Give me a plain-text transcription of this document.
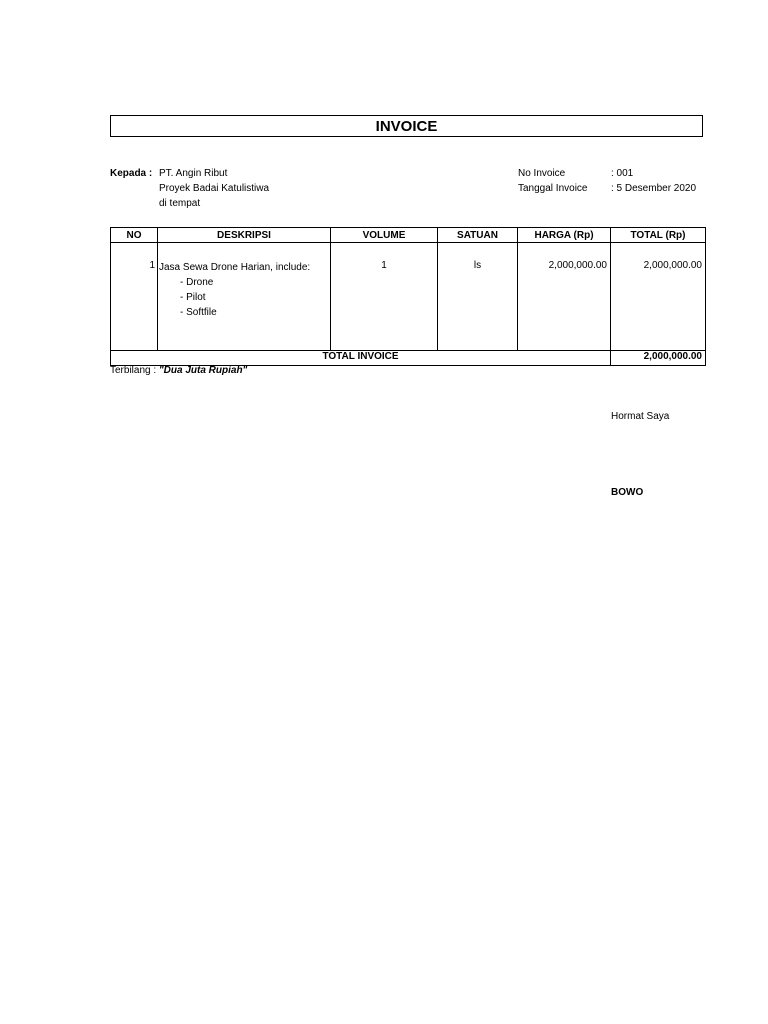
INVOICE
Kepada : PT. Angin Ribut
Proyek Badai Katulistiwa
di tempat
No Invoice	: 001
Tanggal Invoice : 5 Desember 2020
NO	DESKRIPSI	VOLUME	SATUAN	HARGA (Rp)	TOTAL (Rp)
1	Jasa Sewa Drone Harian, include:
- Drone
- Pilot
- Softfile	1	ls	2,000,000.00	2,000,000.00
TOTAL INVOICE					2,000,000.00
Terbilang : "Dua Juta Rupiah"
Hormat Saya
BOWO
